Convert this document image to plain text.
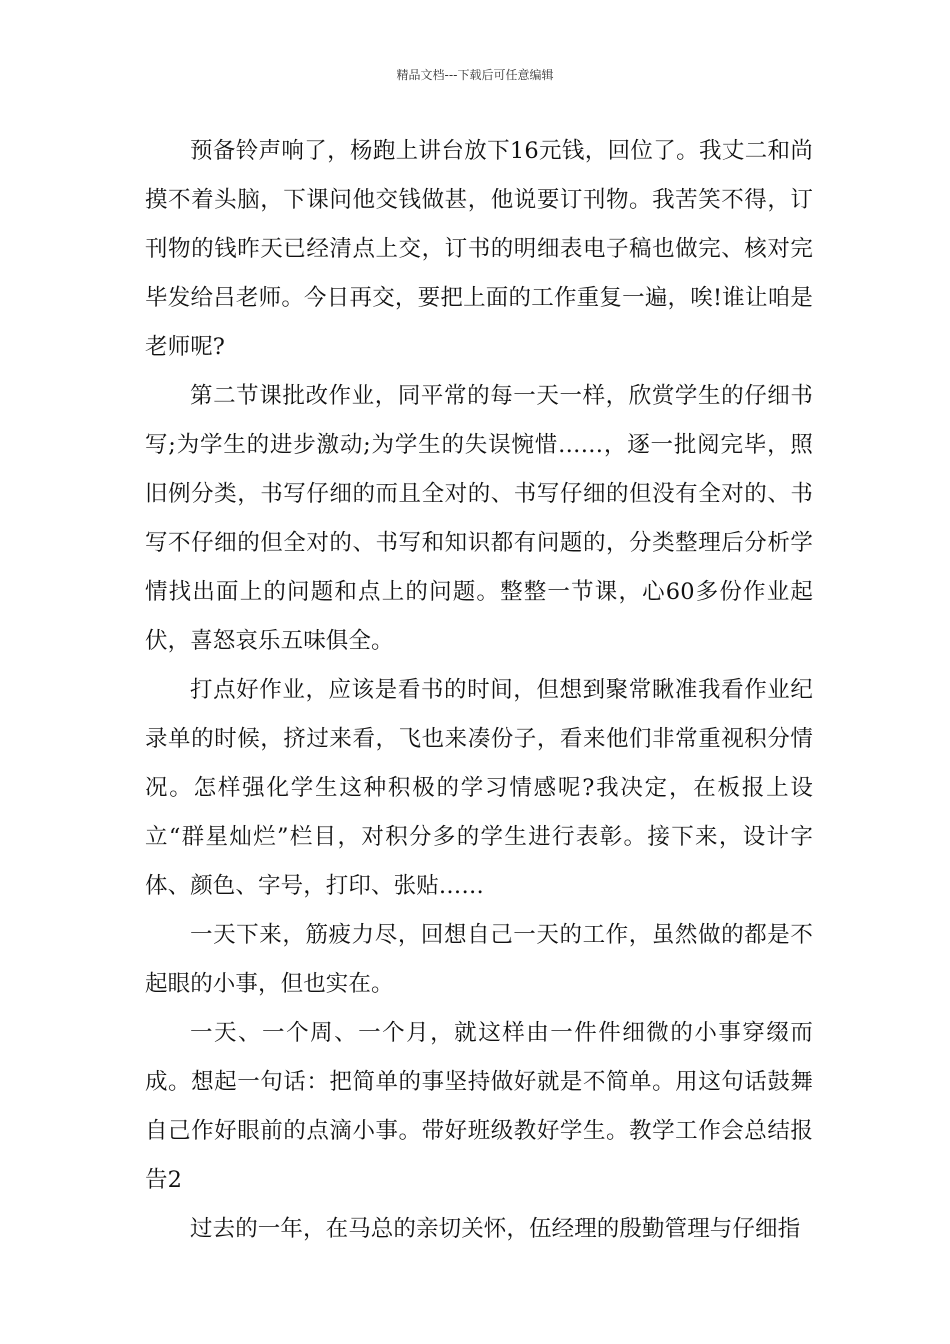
精品文档---下载后可任意编辑

预备铃声响了，杨跑上讲台放下16元钱，回位了。我丈二和尚摸不着头脑，下课问他交钱做甚，他说要订刊物。我苦笑不得，订刊物的钱昨天已经清点上交，订书的明细表电子稿也做完、核对完毕发给吕老师。今日再交，要把上面的工作重复一遍，唉!谁让咱是老师呢?

第二节课批改作业，同平常的每一天一样，欣赏学生的仔细书写;为学生的进步激动;为学生的失误惋惜……，逐一批阅完毕，照旧例分类，书写仔细的而且全对的、书写仔细的但没有全对的、书写不仔细的但全对的、书写和知识都有问题的，分类整理后分析学情找出面上的问题和点上的问题。整整一节课，心60多份作业起伏，喜怒哀乐五味俱全。

打点好作业，应该是看书的时间，但想到聚常瞅准我看作业纪录单的时候，挤过来看，飞也来凑份子，看来他们非常重视积分情况。怎样强化学生这种积极的学习情感呢?我决定，在板报上设立“群星灿烂”栏目，对积分多的学生进行表彰。接下来，设计字体、颜色、字号，打印、张贴……

一天下来，筋疲力尽，回想自己一天的工作，虽然做的都是不起眼的小事，但也实在。

一天、一个周、一个月，就这样由一件件细微的小事穿缀而成。想起一句话：把简单的事坚持做好就是不简单。用这句话鼓舞自己作好眼前的点滴小事。带好班级教好学生。教学工作会总结报告2

过去的一年，在马总的亲切关怀，伍经理的殷勤管理与仔细指
